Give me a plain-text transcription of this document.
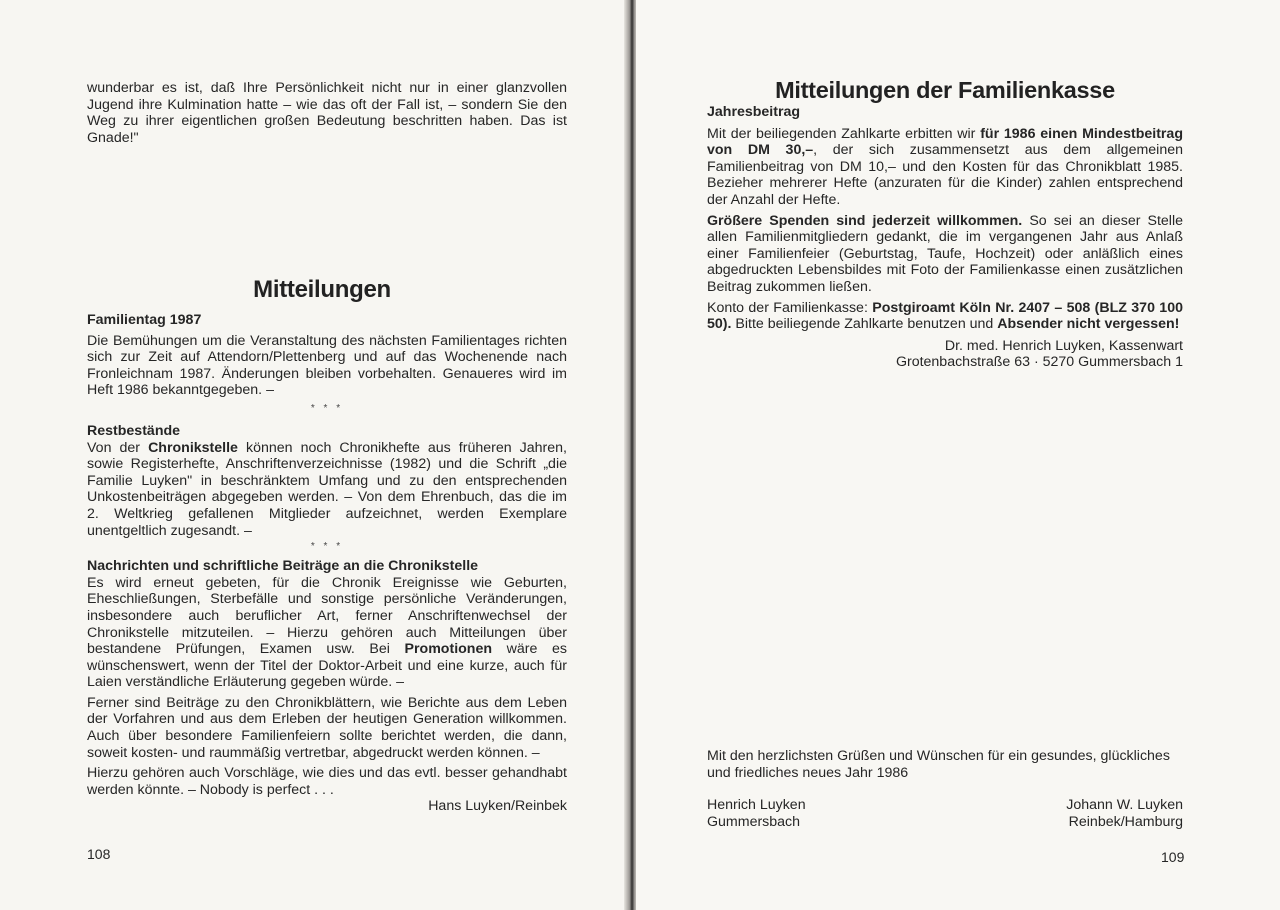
wunderbar es ist, daß Ihre Persönlichkeit nicht nur in einer glanzvollen Jugend ihre Kulmination hatte – wie das oft der Fall ist, – sondern Sie den Weg zu ihrer eigentlichen großen Bedeutung beschritten haben. Das ist Gnade!"

Mitteilungen
Familientag 1987

Die Bemühungen um die Veranstaltung des nächsten Familientages richten sich zur Zeit auf Attendorn/Plettenberg und auf das Wochenende nach Fronleichnam 1987. Änderungen bleiben vorbehalten. Genaueres wird im Heft 1986 bekanntgegeben. –

* * *
Restbestände

Von der Chronikstelle können noch Chronikhefte aus früheren Jahren, sowie Registerhefte, Anschriftenverzeichnisse (1982) und die Schrift „die Familie Luyken" in beschränktem Umfang und zu den entsprechenden Unkostenbeiträgen abgegeben werden. – Von dem Ehrenbuch, das die im 2. Weltkrieg gefallenen Mitglieder aufzeichnet, werden Exemplare unentgeltlich zugesandt. –

* * *
Nachrichten und schriftliche Beiträge an die Chronikstelle

Es wird erneut gebeten, für die Chronik Ereignisse wie Geburten, Eheschließungen, Sterbefälle und sonstige persönliche Veränderungen, insbesondere auch beruflicher Art, ferner Anschriftenwechsel der Chronikstelle mitzuteilen. – Hierzu gehören auch Mitteilungen über bestandene Prüfungen, Examen usw. Bei Promotionen wäre es wünschenswert, wenn der Titel der Doktor-Arbeit und eine kurze, auch für Laien verständliche Erläuterung gegeben würde. –

Ferner sind Beiträge zu den Chronikblättern, wie Berichte aus dem Leben der Vorfahren und aus dem Erleben der heutigen Generation willkommen. Auch über besondere Familienfeiern sollte berichtet werden, die dann, soweit kosten- und raummäßig vertretbar, abgedruckt werden können. –

Hierzu gehören auch Vorschläge, wie dies und das evtl. besser gehandhabt werden könnte. – Nobody is perfect . . .

Hans Luyken/Reinbek

108
Mitteilungen der Familienkasse
Jahresbeitrag

Mit der beiliegenden Zahlkarte erbitten wir für 1986 einen Mindestbeitrag von DM 30,–, der sich zusammensetzt aus dem allgemeinen Familienbeitrag von DM 10,– und den Kosten für das Chronikblatt 1985. Bezieher mehrerer Hefte (anzuraten für die Kinder) zahlen entsprechend der Anzahl der Hefte.

Größere Spenden sind jederzeit willkommen. So sei an dieser Stelle allen Familienmitgliedern gedankt, die im vergangenen Jahr aus Anlaß einer Familienfeier (Geburtstag, Taufe, Hochzeit) oder anläßlich eines abgedruckten Lebensbildes mit Foto der Familienkasse einen zusätzlichen Beitrag zukommen ließen.

Konto der Familienkasse: Postgiroamt Köln Nr. 2407 – 508 (BLZ 370 100 50). Bitte beiliegende Zahlkarte benutzen und Absender nicht vergessen!

Dr. med. Henrich Luyken, Kassenwart

Grotenbachstraße 63 · 5270 Gummersbach 1

Mit den herzlichsten Grüßen und Wünschen für ein gesundes, glückliches und friedliches neues Jahr 1986

Henrich Luyken
Gummersbach
Johann W. Luyken
Reinbek/Hamburg
109
